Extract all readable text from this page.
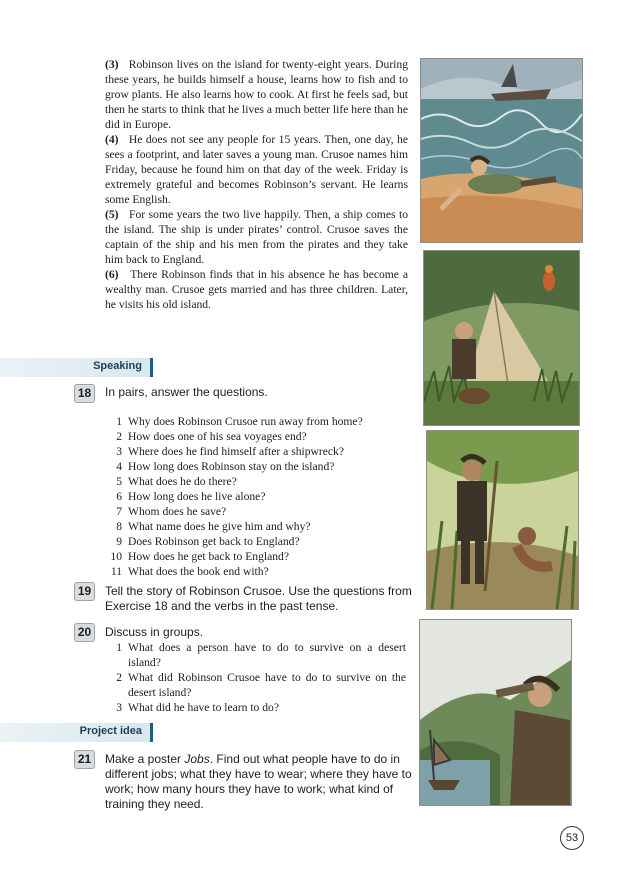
(3) Robinson lives on the island for twenty-eight years. During these years, he builds himself a house, learns how to fish and to grow plants. He also learns how to cook. At first he feels sad, but then he starts to think that he lives a much better life here than he did in Europe.

(4) He does not see any people for 15 years. Then, one day, he sees a footprint, and later saves a young man. Crusoe names him Friday, because he found him on that day of the week. Friday is extremely grateful and becomes Robinson’s servant. He learns some English.

(5) For some years the two live happily. Then, a ship comes to the island. The ship is under pirates’ control. Crusoe saves the captain of the ship and his men from the pirates and they take him back to England.

(6) There Robinson finds that in his absence he has become a wealthy man. Crusoe gets married and has three children. Later, he visits his old island.

Speaking
18	In pairs, answer the questions.
1 Why does Robinson Crusoe run away from home?
2 How does one of his sea voyages end?
3 Where does he find himself after a shipwreck?
4 How long does Robinson stay on the island?
5 What does he do there?
6 How long does he live alone?
7 Whom does he save?
8 What name does he give him and why?
9 Does Robinson get back to England?
10 How does he get back to England?
11 What does the book end with?
19	Tell the story of Robinson Crusoe. Use the questions from
Exercise 18 and the verbs in the past tense.
20	Discuss in groups.
1 What does a person have to do to survive on a desert island?
2 What did Robinson Crusoe have to do to survive on the desert island?
3 What did he have to learn to do?
Project idea
21	Make a poster Jobs. Find out what people have to do in
different jobs; what they have to wear; where they have to
work; how many hours they have to work; what kind of
training they need.
53
